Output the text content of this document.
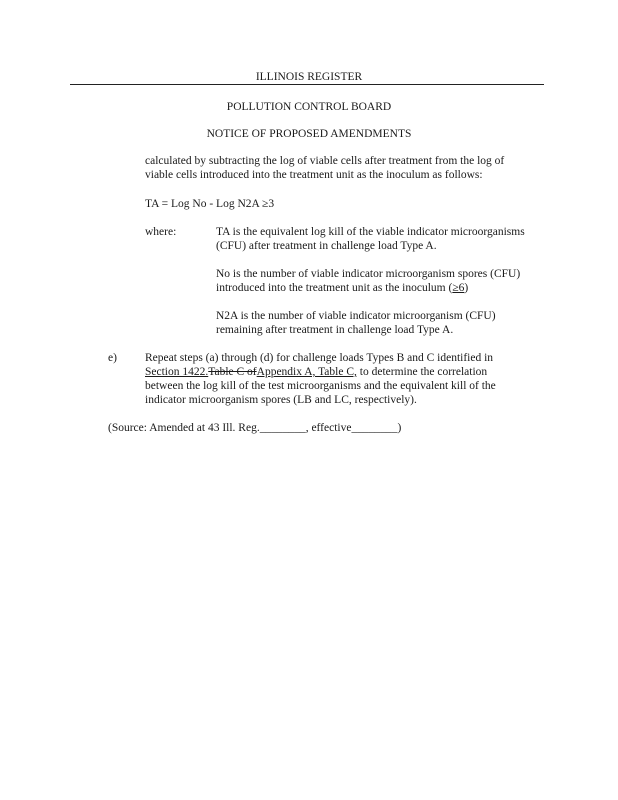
ILLINOIS REGISTER
POLLUTION CONTROL BOARD
NOTICE OF PROPOSED AMENDMENTS

calculated by subtracting the log of viable cells after treatment from the log of

viable cells introduced into the treatment unit as the inoculum as follows:

TA = Log No - Log N2A ≥3

where:	TA is the equivalent log kill of the viable indicator microorganisms

(CFU) after treatment in challenge load Type A.

No is the number of viable indicator microorganism spores (CFU)

introduced into the treatment unit as the inoculum (≥6)

N2A is the number of viable indicator microorganism (CFU)

remaining after treatment in challenge load Type A.

e) Repeat steps (a) through (d) for challenge loads Types B and C identified in

Section 1422.Table C ofAppendix A, Table C, to determine the correlation

between the log kill of the test microorganisms and the equivalent kill of the

indicator microorganism spores (LB and LC, respectively).

(Source: Amended at 43 Ill. Reg.________, effective________)
